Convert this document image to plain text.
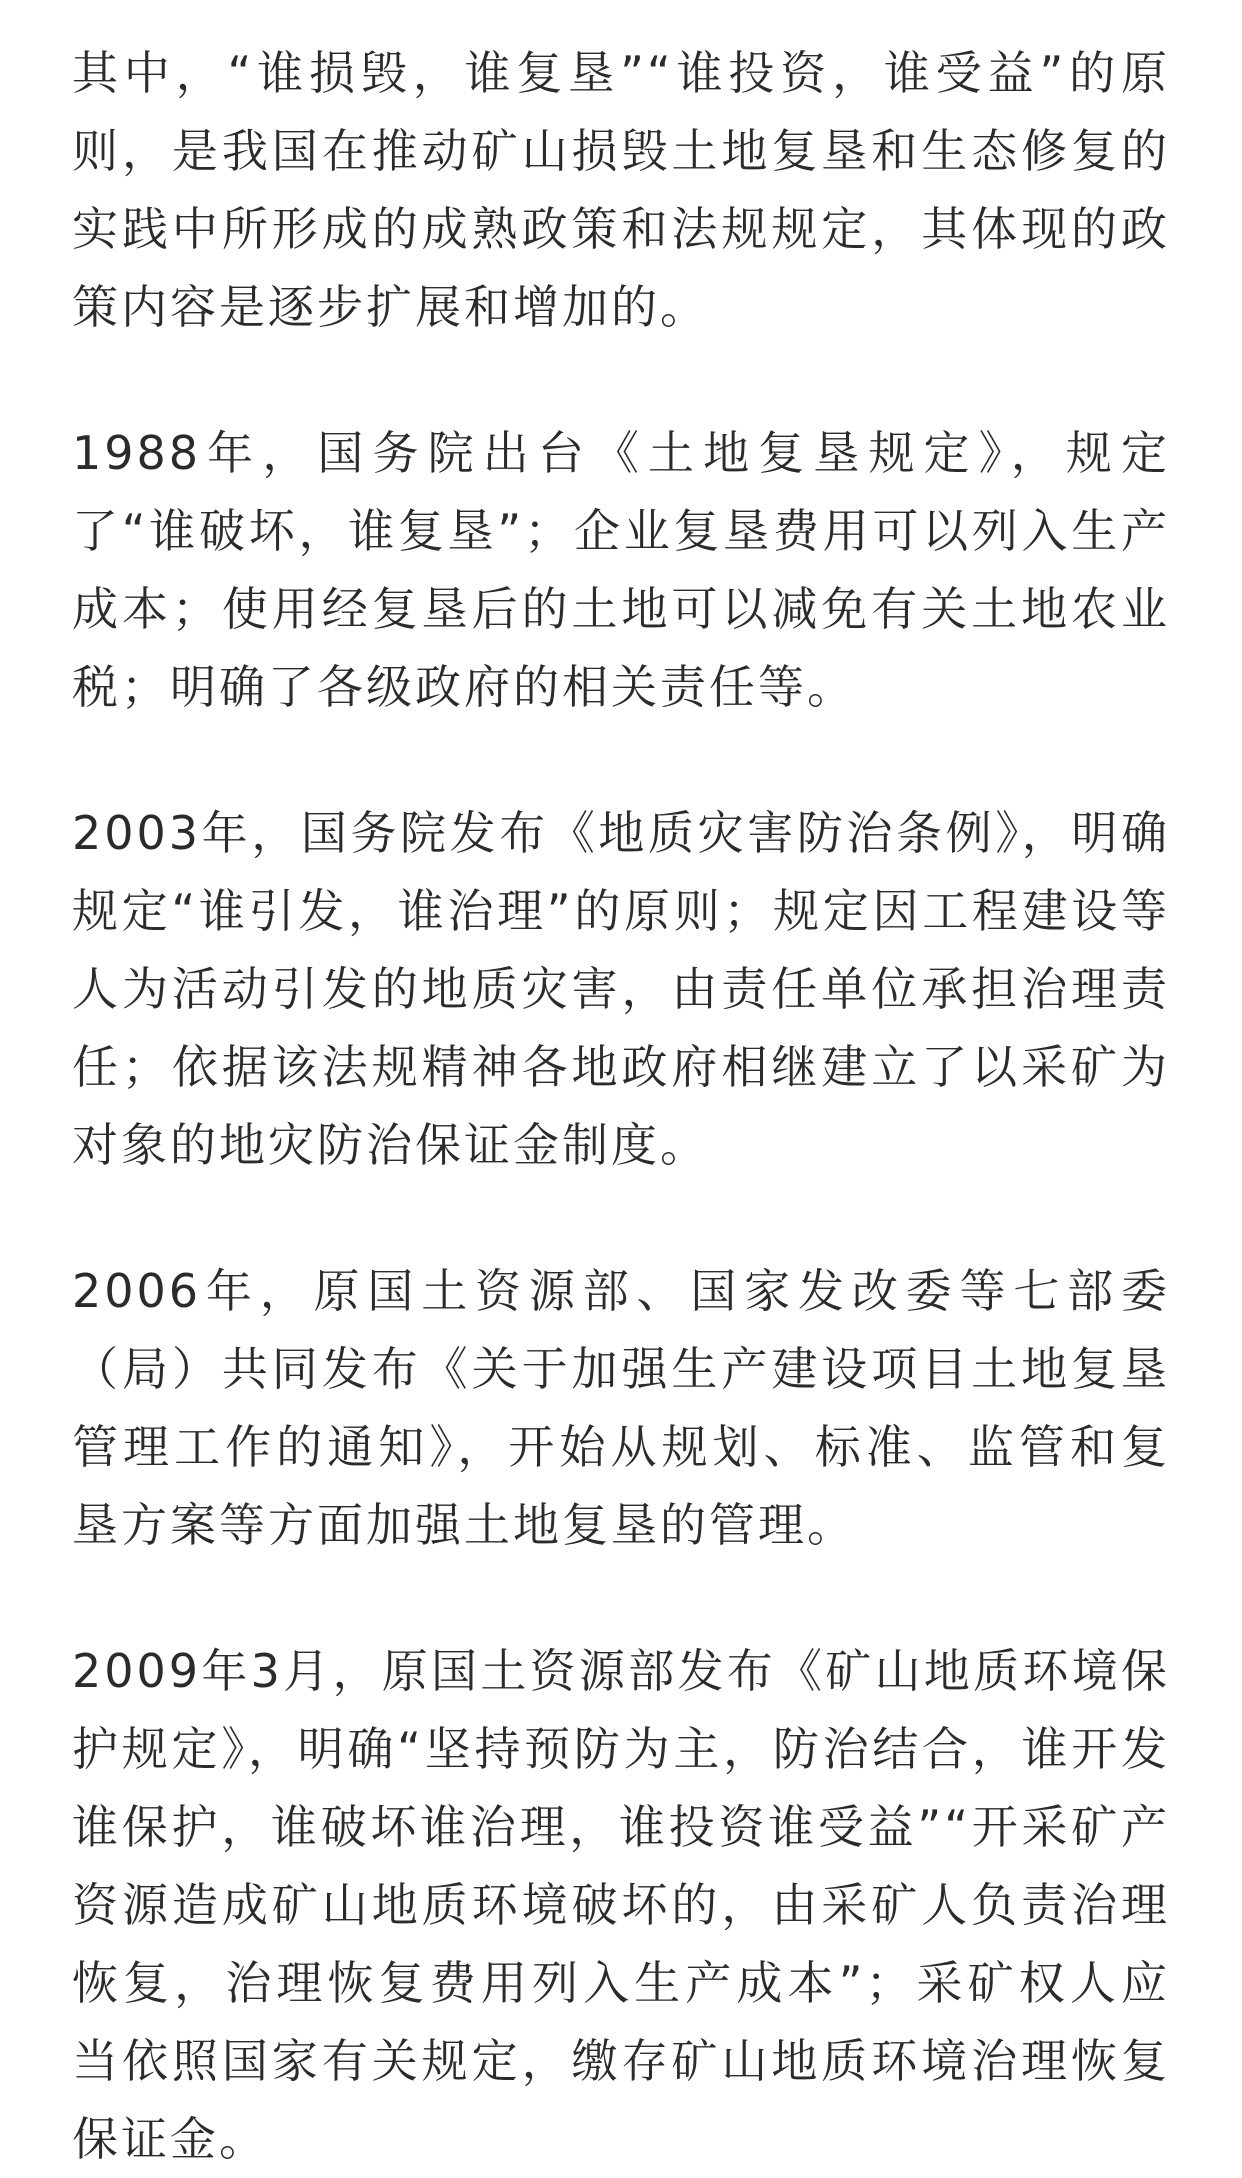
其中，“谁损毁，谁复垦”“谁投资，谁受益”的原则，是我国在推动矿山损毁土地复垦和生态修复的实践中所形成的成熟政策和法规规定，其体现的政策内容是逐步扩展和增加的。

1988年，国务院出台《土地复垦规定》，规定了“谁破坏，谁复垦”；企业复垦费用可以列入生产成本；使用经复垦后的土地可以减免有关土地农业税；明确了各级政府的相关责任等。

2003年，国务院发布《地质灾害防治条例》，明确规定“谁引发，谁治理”的原则；规定因工程建设等人为活动引发的地质灾害，由责任单位承担治理责任；依据该法规精神各地政府相继建立了以采矿为对象的地灾防治保证金制度。

2006年，原国土资源部、国家发改委等七部委（局）共同发布《关于加强生产建设项目土地复垦管理工作的通知》，开始从规划、标准、监管和复垦方案等方面加强土地复垦的管理。

2009年3月，原国土资源部发布《矿山地质环境保护规定》，明确“坚持预防为主，防治结合，谁开发谁保护，谁破坏谁治理，谁投资谁受益”“开采矿产资源造成矿山地质环境破坏的，由采矿人负责治理恢复，治理恢复费用列入生产成本”；采矿权人应当依照国家有关规定，缴存矿山地质环境治理恢复保证金。
